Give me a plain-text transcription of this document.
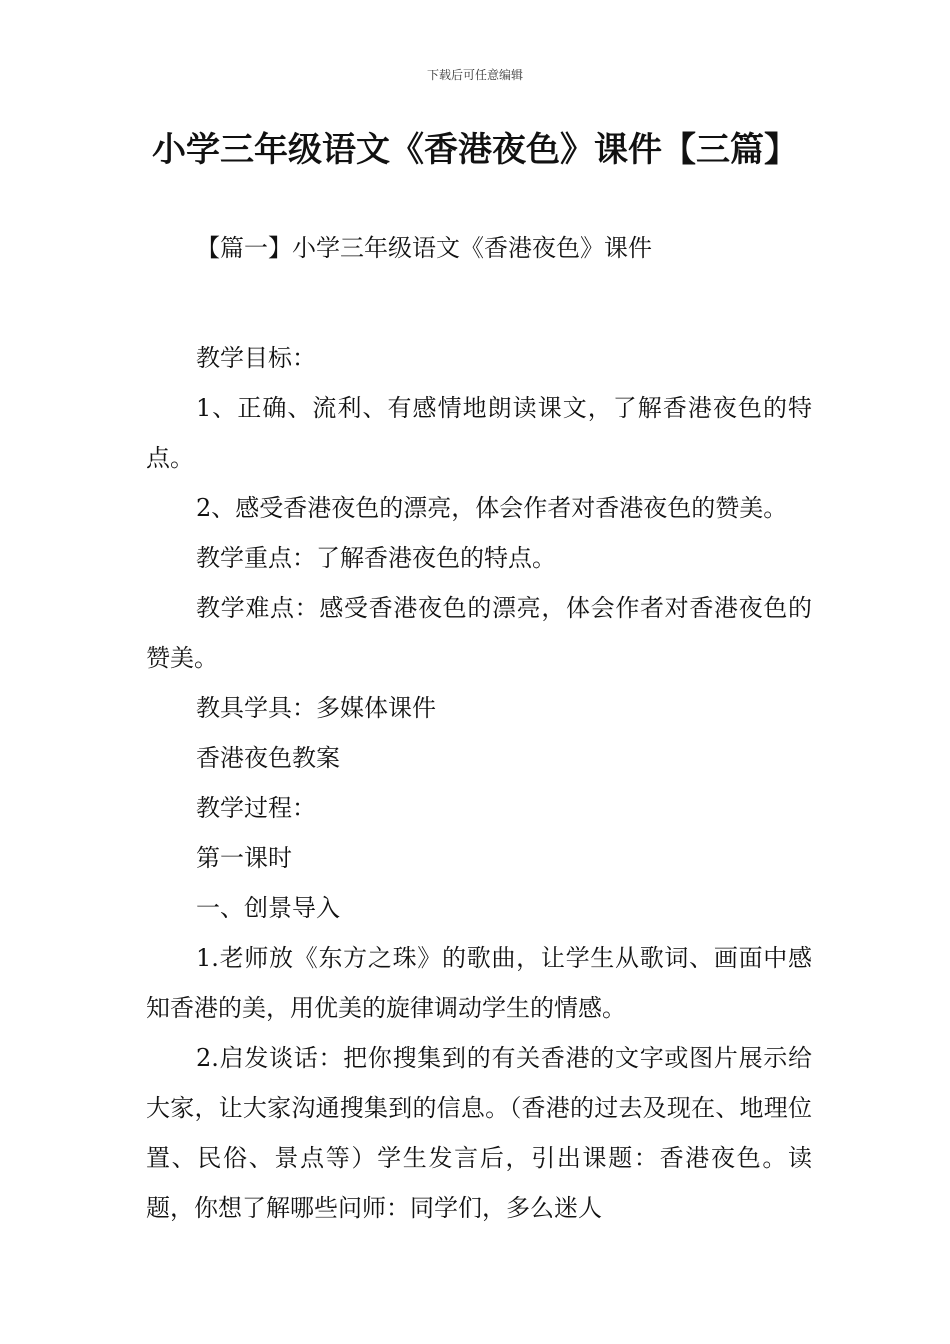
下载后可任意编辑
小学三年级语文《香港夜色》课件【三篇】
【篇一】小学三年级语文《香港夜色》课件

教学目标：

1、正确、流利、有感情地朗读课文，了解香港夜色的特点。

2、感受香港夜色的漂亮，体会作者对香港夜色的赞美。

教学重点：了解香港夜色的特点。

教学难点：感受香港夜色的漂亮，体会作者对香港夜色的赞美。

教具学具：多媒体课件

香港夜色教案

教学过程：

第一课时

一、创景导入

1.老师放《东方之珠》的歌曲，让学生从歌词、画面中感知香港的美，用优美的旋律调动学生的情感。

2.启发谈话：把你搜集到的有关香港的文字或图片展示给大家，让大家沟通搜集到的信息。（香港的过去及现在、地理位置、民俗、景点等）学生发言后，引出课题：香港夜色。读题，你想了解哪些问师：同学们，多么迷人
